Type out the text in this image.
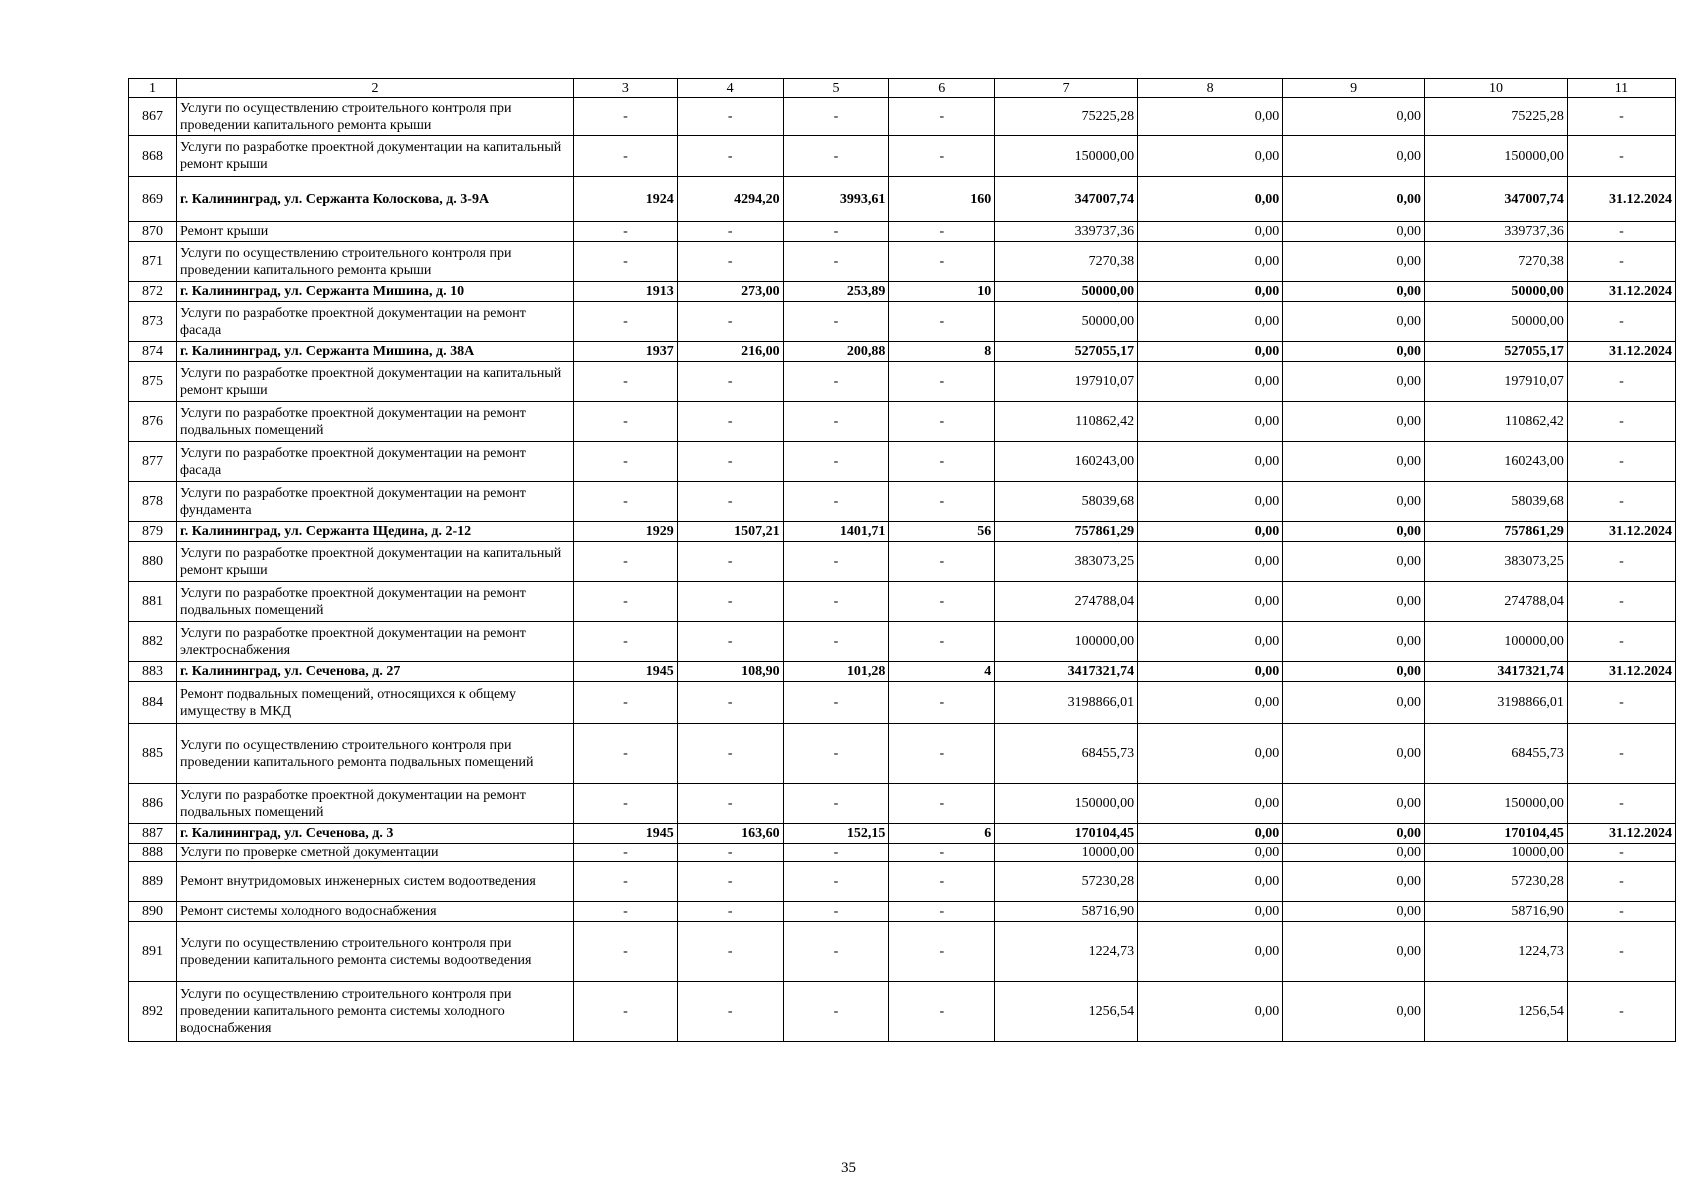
1	2	3	4	5	6	7	8	9	10	11
867	Услуги по осуществлению строительного контроля при проведении капитального ремонта крыши	-	-	-	-	75225,28	0,00	0,00	75225,28	-
868	Услуги по разработке проектной документации на капитальный ремонт крыши	-	-	-	-	150000,00	0,00	0,00	150000,00	-
869	г. Калининград, ул. Сержанта Колоскова, д. 3-9А	1924	4294,20	3993,61	160	347007,74	0,00	0,00	347007,74	31.12.2024
870	Ремонт крыши	-	-	-	-	339737,36	0,00	0,00	339737,36	-
871	Услуги по осуществлению строительного контроля при проведении капитального ремонта крыши	-	-	-	-	7270,38	0,00	0,00	7270,38	-
872	г. Калининград, ул. Сержанта Мишина, д. 10	1913	273,00	253,89	10	50000,00	0,00	0,00	50000,00	31.12.2024
873	Услуги по разработке проектной документации на ремонт фасада	-	-	-	-	50000,00	0,00	0,00	50000,00	-
874	г. Калининград, ул. Сержанта Мишина, д. 38А	1937	216,00	200,88	8	527055,17	0,00	0,00	527055,17	31.12.2024
875	Услуги по разработке проектной документации на капитальный ремонт крыши	-	-	-	-	197910,07	0,00	0,00	197910,07	-
876	Услуги по разработке проектной документации на ремонт подвальных помещений	-	-	-	-	110862,42	0,00	0,00	110862,42	-
877	Услуги по разработке проектной документации на ремонт фасада	-	-	-	-	160243,00	0,00	0,00	160243,00	-
878	Услуги по разработке проектной документации на ремонт фундамента	-	-	-	-	58039,68	0,00	0,00	58039,68	-
879	г. Калининград, ул. Сержанта Щедина, д. 2-12	1929	1507,21	1401,71	56	757861,29	0,00	0,00	757861,29	31.12.2024
880	Услуги по разработке проектной документации на капитальный ремонт крыши	-	-	-	-	383073,25	0,00	0,00	383073,25	-
881	Услуги по разработке проектной документации на ремонт подвальных помещений	-	-	-	-	274788,04	0,00	0,00	274788,04	-
882	Услуги по разработке проектной документации на ремонт электроснабжения	-	-	-	-	100000,00	0,00	0,00	100000,00	-
883	г. Калининград, ул. Сеченова, д. 27	1945	108,90	101,28	4	3417321,74	0,00	0,00	3417321,74	31.12.2024
884	Ремонт подвальных помещений, относящихся к общему имуществу в МКД	-	-	-	-	3198866,01	0,00	0,00	3198866,01	-
885	Услуги по осуществлению строительного контроля при проведении капитального ремонта подвальных помещений	-	-	-	-	68455,73	0,00	0,00	68455,73	-
886	Услуги по разработке проектной документации на ремонт подвальных помещений	-	-	-	-	150000,00	0,00	0,00	150000,00	-
887	г. Калининград, ул. Сеченова, д. 3	1945	163,60	152,15	6	170104,45	0,00	0,00	170104,45	31.12.2024
888	Услуги по проверке сметной документации	-	-	-	-	10000,00	0,00	0,00	10000,00	-
889	Ремонт внутридомовых инженерных систем водоотведения	-	-	-	-	57230,28	0,00	0,00	57230,28	-
890	Ремонт системы холодного водоснабжения	-	-	-	-	58716,90	0,00	0,00	58716,90	-
891	Услуги по осуществлению строительного контроля при проведении капитального ремонта системы водоотведения	-	-	-	-	1224,73	0,00	0,00	1224,73	-
892	Услуги по осуществлению строительного контроля при проведении капитального ремонта системы холодного водоснабжения	-	-	-	-	1256,54	0,00	0,00	1256,54	-
35
